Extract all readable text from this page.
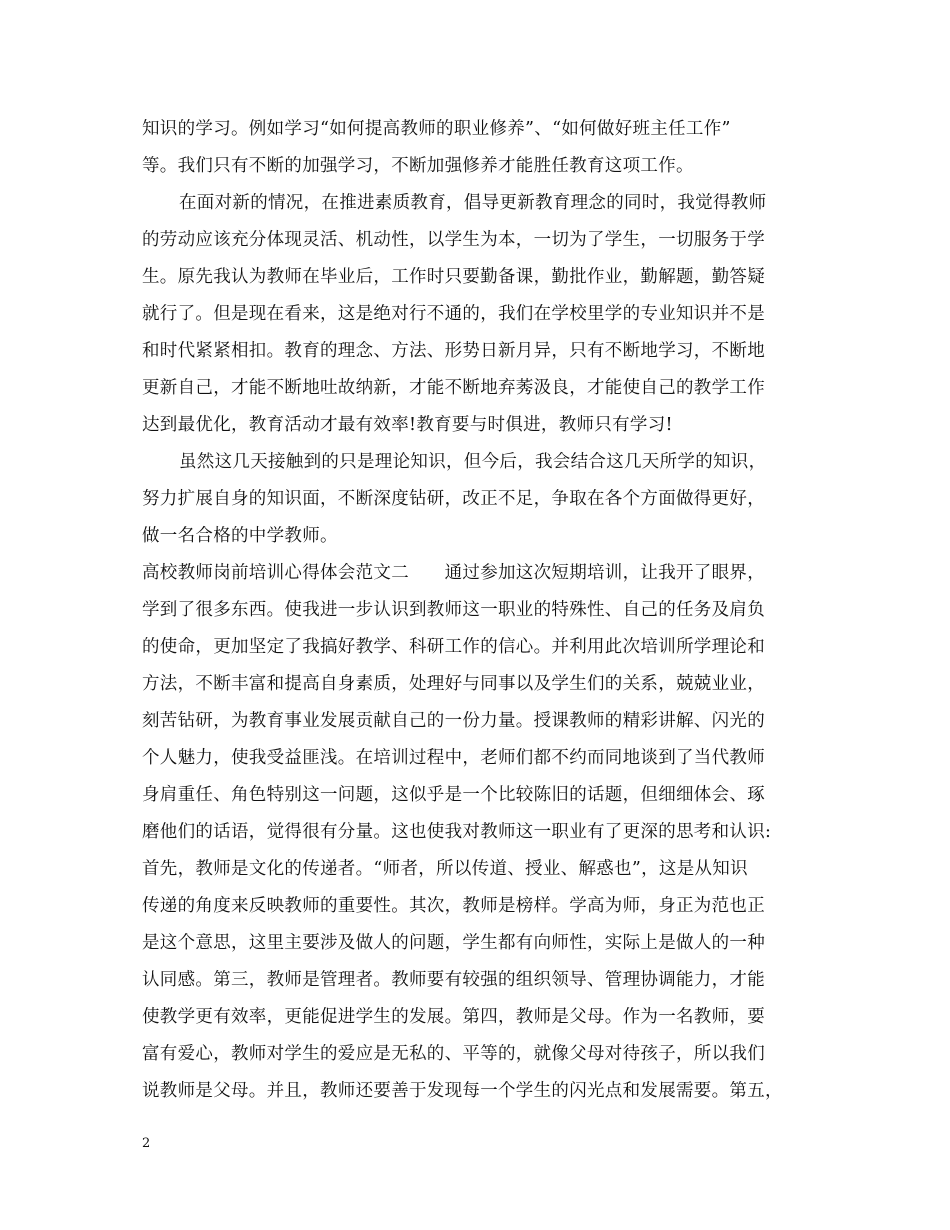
知识的学习。例如学习“如何提高教师的职业修养”、“如何做好班主任工作”
等。我们只有不断的加强学习，不断加强修养才能胜任教育这项工作。
在面对新的情况，在推进素质教育，倡导更新教育理念的同时，我觉得教师
的劳动应该充分体现灵活、机动性，以学生为本，一切为了学生，一切服务于学
生。原先我认为教师在毕业后，工作时只要勤备课，勤批作业，勤解题，勤答疑
就行了。但是现在看来，这是绝对行不通的，我们在学校里学的专业知识并不是
和时代紧紧相扣。教育的理念、方法、形势日新月异，只有不断地学习，不断地
更新自己，才能不断地吐故纳新，才能不断地弃莠汲良，才能使自己的教学工作
达到最优化，教育活动才最有效率!教育要与时俱进，教师只有学习!
虽然这几天接触到的只是理论知识，但今后，我会结合这几天所学的知识，
努力扩展自身的知识面，不断深度钻研，改正不足，争取在各个方面做得更好，
做一名合格的中学教师。
高校教师岗前培训心得体会范文二　　通过参加这次短期培训，让我开了眼界，
学到了很多东西。使我进一步认识到教师这一职业的特殊性、自己的任务及肩负
的使命，更加坚定了我搞好教学、科研工作的信心。并利用此次培训所学理论和
方法，不断丰富和提高自身素质，处理好与同事以及学生们的关系，兢兢业业，
刻苦钻研，为教育事业发展贡献自己的一份力量。授课教师的精彩讲解、闪光的
个人魅力，使我受益匪浅。在培训过程中，老师们都不约而同地谈到了当代教师
身肩重任、角色特别这一问题，这似乎是一个比较陈旧的话题，但细细体会、琢
磨他们的话语，觉得很有分量。这也使我对教师这一职业有了更深的思考和认识:
首先，教师是文化的传递者。“师者，所以传道、授业、解惑也”，这是从知识
传递的角度来反映教师的重要性。其次，教师是榜样。学高为师，身正为范也正
是这个意思，这里主要涉及做人的问题，学生都有向师性，实际上是做人的一种
认同感。第三，教师是管理者。教师要有较强的组织领导、管理协调能力，才能
使教学更有效率，更能促进学生的发展。第四，教师是父母。作为一名教师，要
富有爱心，教师对学生的爱应是无私的、平等的，就像父母对待孩子，所以我们
说教师是父母。并且，教师还要善于发现每一个学生的闪光点和发展需要。第五，
2
